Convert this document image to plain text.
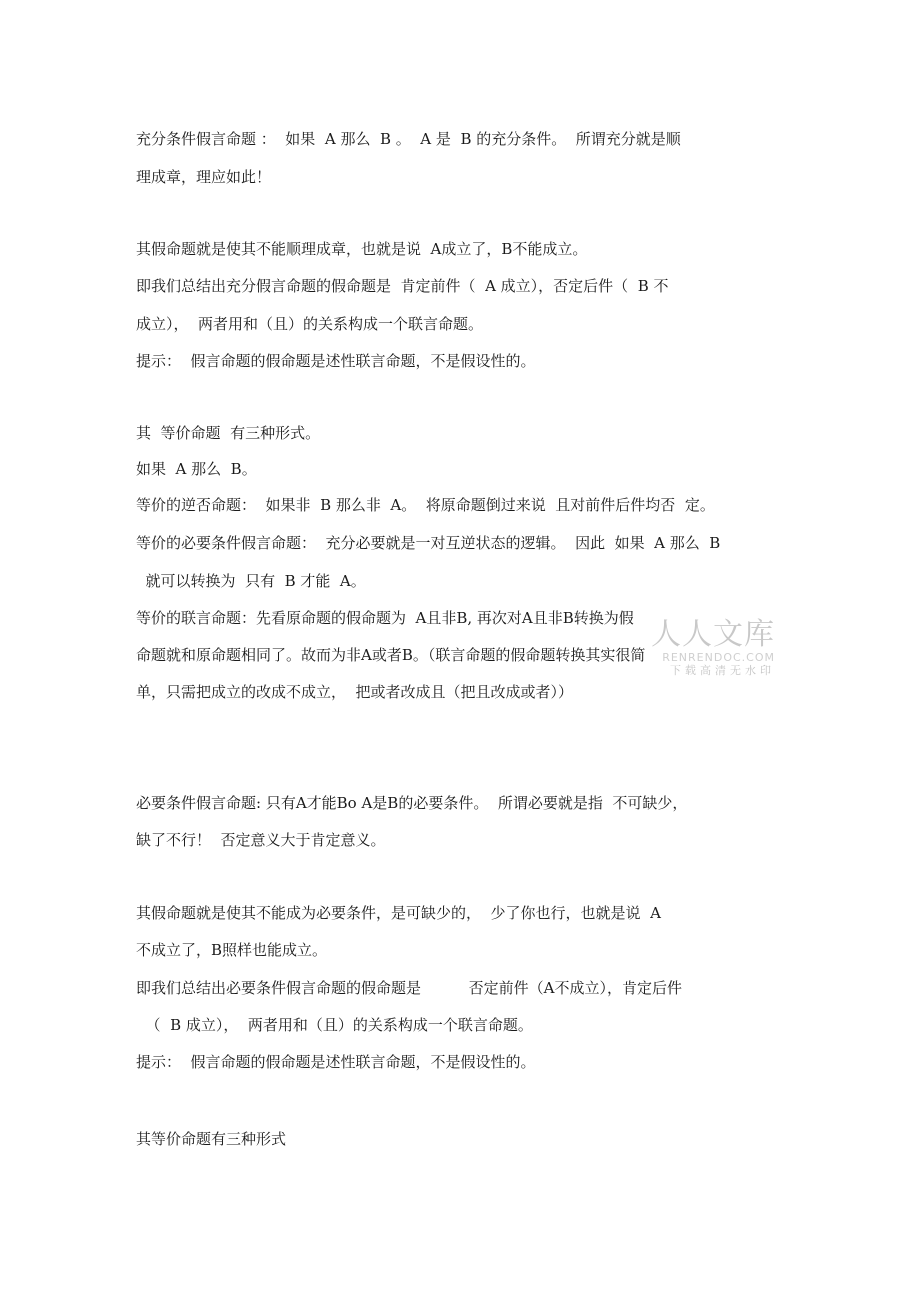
充分条件假言命题 ：  如果  A 那么  B 。  A 是  B 的充分条件。  所谓充分就是顺

理成章，理应如此！

其假命题就是使其不能顺理成章，也就是说  A成立了，B不能成立。

即我们总结出充分假言命题的假命题是  肯定前件（  A 成立），否定后件（  B 不

成立），  两者用和（且）的关系构成一个联言命题。

提示：  假言命题的假命题是述性联言命题，不是假设性的。

其  等价命题  有三种形式。

如果  A 那么  B。

等价的逆否命题：  如果非  B 那么非  A。  将原命题倒过来说  且对前件后件均否  定。

等价的必要条件假言命题：  充分必要就是一对互逆状态的逻辑。  因此  如果  A 那么  B

就可以转换为  只有  B 才能  A。

等价的联言命题：先看原命题的假命题为  A且非B, 再次对A且非B转换为假

命题就和原命题相同了。故而为非A或者B。（联言命题的假命题转换其实很简

单，只需把成立的改成不成立，  把或者改成且（把且改成或者））

必要条件假言命题: 只有A才能Bo A是B的必要条件。  所谓必要就是指  不可缺少，

缺了不行！  否定意义大于肯定意义。

其假命题就是使其不能成为必要条件，是可缺少的，  少了你也行，也就是说  A

不成立了，B照样也能成立。

即我们总结出必要条件假言命题的假命题是          否定前件（A不成立），肯定后件

（  B 成立），  两者用和（且）的关系构成一个联言命题。

提示：  假言命题的假命题是述性联言命题，不是假设性的。

其等价命题有三种形式

人人文库
RENRENDOC.COM
下载高清无水印
